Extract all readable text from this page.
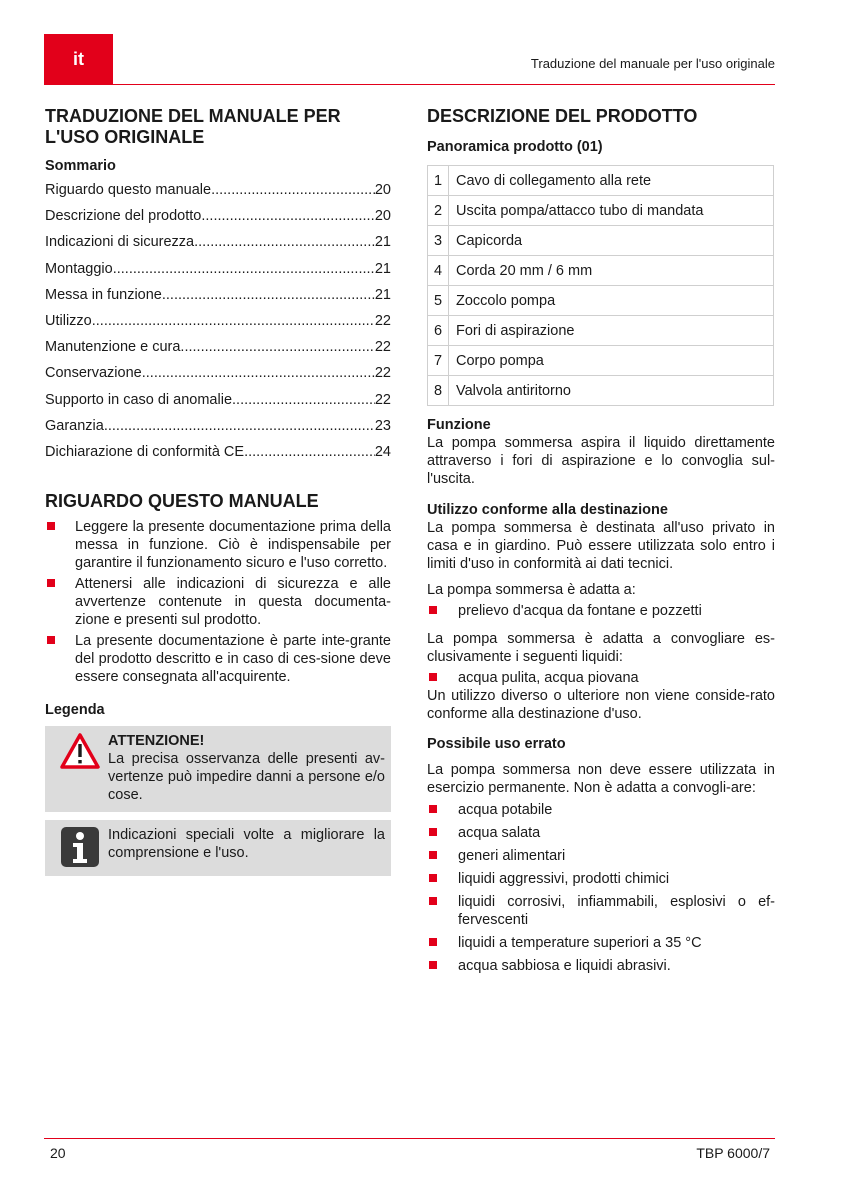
it	Traduzione del manuale per l'uso originale
TRADUZIONE DEL MANUALE PER L'USO ORIGINALE
Sommario
Riguardo questo manuale .....	20
Descrizione del prodotto .....	20
Indicazioni di sicurezza .....	21
Montaggio .....	21
Messa in funzione .....	21
Utilizzo .....	22
Manutenzione e cura .....	22
Conservazione .....	22
Supporto in caso di anomalie .....	22
Garanzia .....	23
Dichiarazione di conformità CE .....	24
RIGUARDO QUESTO MANUALE
Leggere la presente documentazione prima della messa in funzione. Ciò è indispensabile per garantire il funzionamento sicuro e l'uso corretto.
Attenersi alle indicazioni di sicurezza e alle avvertenze contenute in questa documenta-zione e presenti sul prodotto.
La presente documentazione è parte inte-grante del prodotto descritto e in caso di ces-sione deve essere consegnata all'acquirente.
Legenda
ATTENZIONE!

La precisa osservanza delle presenti av-vertenze può impedire danni a persone e/o cose.

Indicazioni speciali volte a migliorare la comprensione e l'uso.

DESCRIZIONE DEL PRODOTTO
Panoramica prodotto (01)
1	Cavo di collegamento alla rete
2	Uscita pompa/attacco tubo di mandata
3	Capicorda
4	Corda 20 mm / 6 mm
5	Zoccolo pompa
6	Fori di aspirazione
7	Corpo pompa
8	Valvola antiritorno
Funzione

La pompa sommersa aspira il liquido direttamente attraverso i fori di aspirazione e lo convoglia sul-l'uscita.

Utilizzo conforme alla destinazione

La pompa sommersa è destinata all'uso privato in casa e in giardino. Può essere utilizzata solo entro i limiti d'uso in conformità ai dati tecnici.

La pompa sommersa è adatta a:

prelievo d'acqua da fontane e pozzetti

La pompa sommersa è adatta a convogliare es-clusivamente i seguenti liquidi:

acqua pulita, acqua piovana

Un utilizzo diverso o ulteriore non viene conside-rato conforme alla destinazione d'uso.

Possibile uso errato

La pompa sommersa non deve essere utilizzata in esercizio permanente. Non è adatta a convogli-are:

acqua potabile
acqua salata
generi alimentari
liquidi aggressivi, prodotti chimici
liquidi corrosivi, infiammabili, esplosivi o ef-fervescenti
liquidi a temperature superiori a 35 °C
acqua sabbiosa e liquidi abrasivi.
20	TBP 6000/7
